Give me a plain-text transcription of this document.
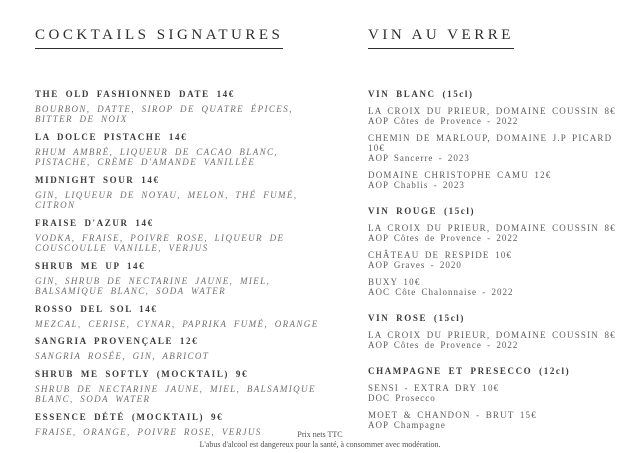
COCKTAILS SIGNATURES

THE OLD FASHIONNED DATE 14€
BOURBON, DATTE, SIROP DE QUATRE ÉPICES, BITTER DE NOIX
LA DOLCE PISTACHE 14€
RHUM AMBRÉ, LIQUEUR DE CACAO BLANC, PISTACHE, CRÈME D'AMANDE VANILLÉE
MIDNIGHT SOUR 14€
GIN, LIQUEUR DE NOYAU, MELON, THÉ FUMÉ, CITRON
FRAISE D'AZUR 14€
VODKA, FRAISE, POIVRE ROSE, LIQUEUR DE COUSCOULLE VANILLE, VERJUS
SHRUB ME UP 14€
GIN, SHRUB DE NECTARINE JAUNE, MIEL, BALSAMIQUE BLANC, SODA WATER
ROSSO DEL SOL 14€
MEZCAL, CERISE, CYNAR, PAPRIKA FUMÉ, ORANGE
SANGRIA PROVENÇALE 12€
SANGRIA ROSÉE, GIN, ABRICOT
SHRUB ME SOFTLY (MOCKTAIL) 9€
SHRUB DE NECTARINE JAUNE, MIEL, BALSAMIQUE BLANC, SODA WATER
ESSENCE DÉTÉ (MOCKTAIL) 9€
FRAISE, ORANGE, POIVRE ROSE, VERJUS

VIN AU VERRE

VIN BLANC (15cl)
LA CROIX DU PRIEUR, DOMAINE COUSSIN 8€
AOP Côtes de Provence - 2022
CHEMIN DE MARLOUP, DOMAINE J.P PICARD 10€
AOP Sancerre - 2023
DOMAINE CHRISTOPHE CAMU 12€
AOP Chablis - 2023
VIN ROUGE (15cl)
LA CROIX DU PRIEUR, DOMAINE COUSSIN 8€
AOP Côtes de Provence - 2022
CHÂTEAU DE RESPIDE 10€
AOP Graves - 2020
BUXY 10€
AOC Côte Chalonnaise - 2022
VIN ROSE (15cl)
LA CROIX DU PRIEUR, DOMAINE COUSSIN 8€
AOP Côtes de Provence - 2022
CHAMPAGNE ET PRESECCO (12cl)
SENSI - EXTRA DRY 10€
DOC Prosecco
MOET & CHANDON - BRUT 15€
AOP Champagne
Prix nets TTC
L'abus d'alcool est dangereux pour la santé, à consommer avec modération.
